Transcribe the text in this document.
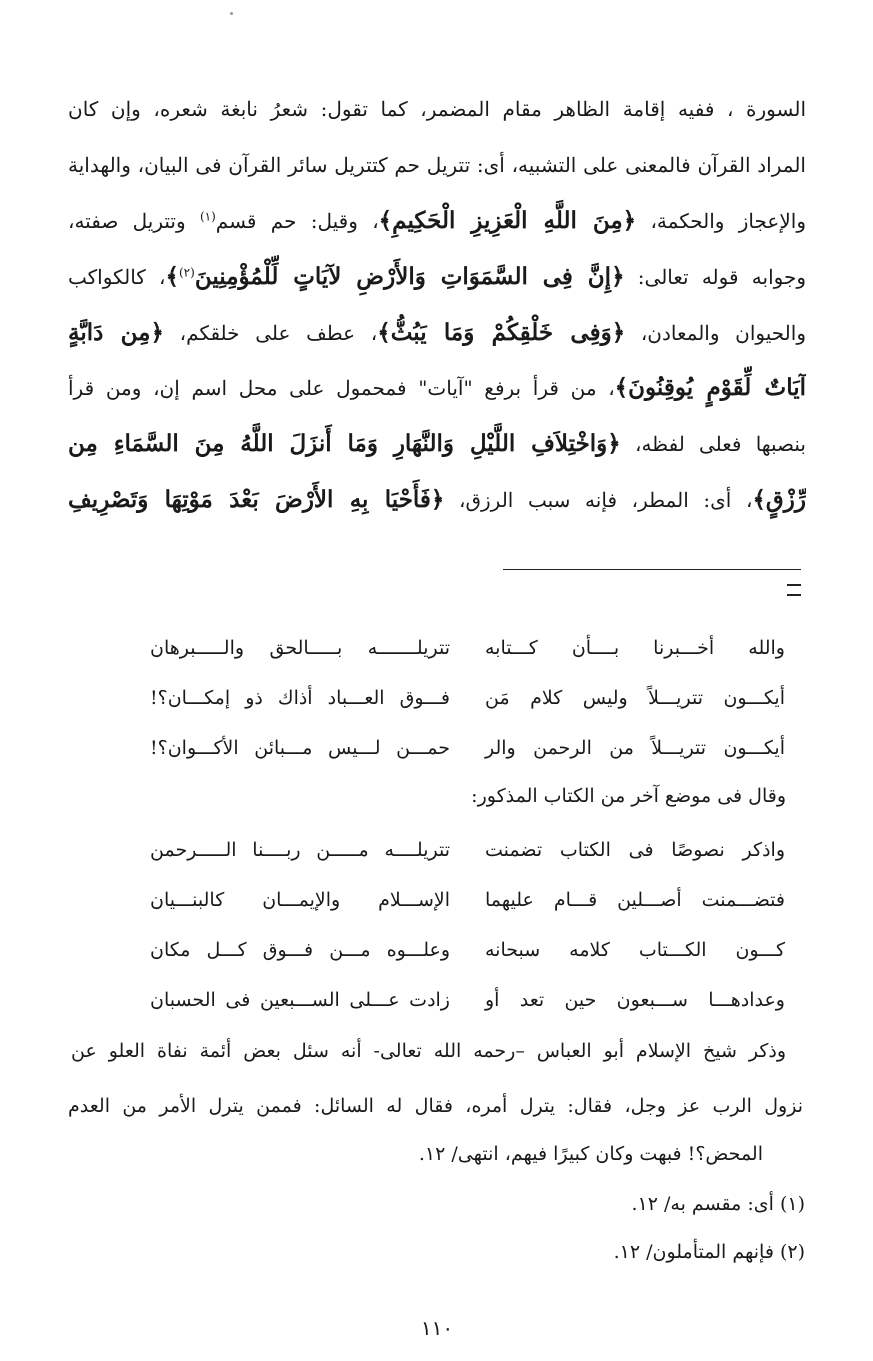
السورة ، ففيه إقامة الظاهر مقام المضمر، كما تقول: شعرُ نابغة شعره، وإن كان
المراد القرآن فالمعنى على التشبيه، أى: تتريل حم كتتريل سائر القرآن فى البيان، والهداية
والإعجاز والحكمة، ﴿مِنَ اللَّهِ الْعَزِيزِ الْحَكِيمِ﴾، وقيل: حم قسم$^{(١)}$ وتتريل صفته،
وجوابه قوله تعالى: ﴿إِنَّ فِى السَّمَوَاتِ وَالأَرْضِ لآيَاتٍ لِّلْمُؤْمِنِينَ$^{(٢)}$﴾، كالكواكب
والحيوان والمعادن، ﴿وَفِى خَلْقِكُمْ وَمَا يَبُثُّ﴾، عطف على خلقكم، ﴿مِن دَابَّةٍ
آيَاتٌ لِّقَوْمٍ يُوقِنُونَ﴾، من قرأ برفع "آيات" فمحمول على محل اسم إن، ومن قرأ
بنصبها فعلى لفظه، ﴿وَاخْتِلاَفِ اللَّيْلِ وَالنَّهَارِ وَمَا أَنزَلَ اللَّهُ مِنَ السَّمَاءِ مِن
رِّزْقٍ﴾، أى: المطر، فإنه سبب الرزق، ﴿فَأَحْيَا بِهِ الأَرْضَ بَعْدَ مَوْتِهَا وَتَصْرِيفِ
والله أخـــبرنا بــــأن كـــتابه
تتريلـــــــه بـــــالحق والـــــبرهان
أيكـــون تتريـــلاً وليس كلام مَن
فـــوق العـــباد أذاك ذو إمكـــان؟!
أيكـــون تتريـــلاً من الرحمن والر
حمـــن لـــيس مـــبائن الأكـــوان؟!
وقال فى موضع آخر من الكتاب المذكور:
واذكر نصوصًا فى الكتاب تضمنت
تتريلــــه مـــــن ربــــنا الـــــرحمن
فتضـــمنت أصـــلين قـــام عليهما
الإســـلام والإيمـــان كالبنـــيان
كـــون الكـــتاب كلامه سبحانه
وعلـــوه مـــن فـــوق كـــل مكان
وعدادهـــا ســـبعون حين تعد أو
زادت عـــلى الســـبعين فى الحسبان
وذكر شيخ الإسلام أبو العباس –رحمه الله تعالى- أنه سئل بعض أئمة نفاة العلو عن
نزول الرب عز وجل، فقال: يترل أمره، فقال له السائل: فممن يترل الأمر من العدم
المحض؟! فبهت وكان كبيرًا فيهم، انتهى/ ١٢.
(١) أى: مقسم به/ ١٢.
(٢) فإنهم المتأملون/ ١٢.
١١٠
